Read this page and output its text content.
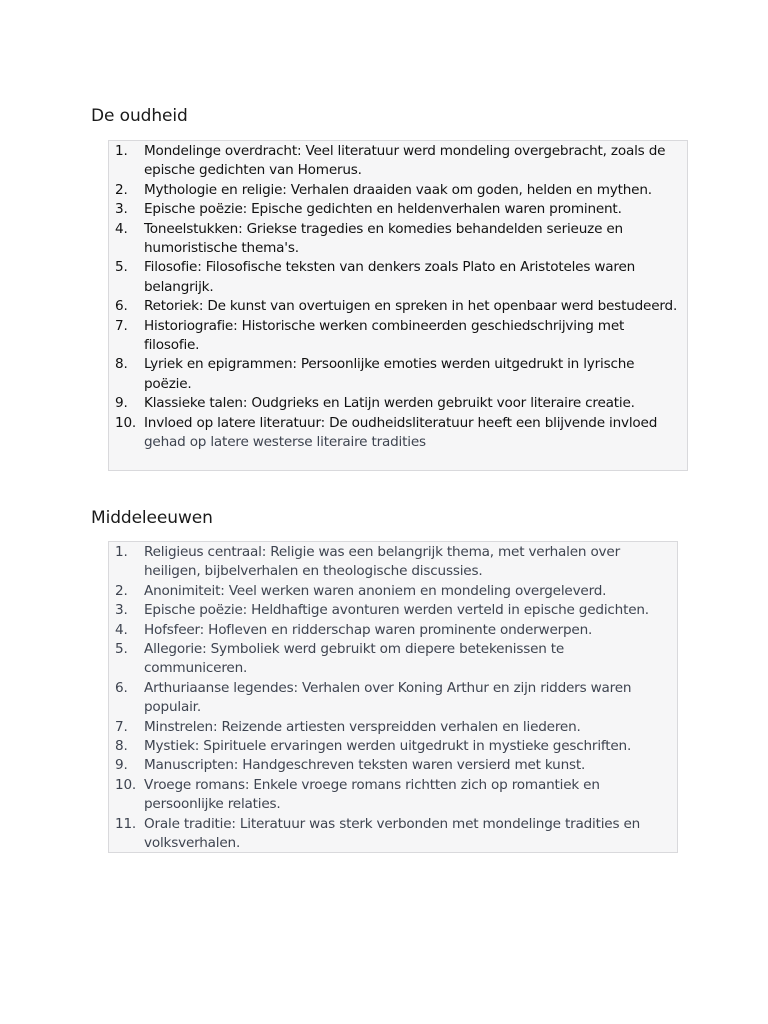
De oudheid
1.	Mondelinge overdracht: Veel literatuur werd mondeling overgebracht, zoals de epische gedichten van Homerus.
2.	Mythologie en religie: Verhalen draaiden vaak om goden, helden en mythen.
3.	Epische poëzie: Epische gedichten en heldenverhalen waren prominent.
4.	Toneelstukken: Griekse tragedies en komedies behandelden serieuze en humoristische thema's.
5.	Filosofie: Filosofische teksten van denkers zoals Plato en Aristoteles waren belangrijk.
6.	Retoriek: De kunst van overtuigen en spreken in het openbaar werd bestudeerd.
7.	Historiografie: Historische werken combineerden geschiedschrijving met filosofie.
8.	Lyriek en epigrammen: Persoonlijke emoties werden uitgedrukt in lyrische poëzie.
9.	Klassieke talen: Oudgrieks en Latijn werden gebruikt voor literaire creatie.
10. Invloed op latere literatuur: De oudheidsliteratuur heeft een blijvende invloed gehad op latere westerse literaire tradities
Middeleeuwen
1.	Religieus centraal: Religie was een belangrijk thema, met verhalen over heiligen, bijbelverhalen en theologische discussies.
2.	Anonimiteit: Veel werken waren anoniem en mondeling overgeleverd.
3.	Epische poëzie: Heldhaftige avonturen werden verteld in epische gedichten.
4.	Hofsfeer: Hofleven en ridderschap waren prominente onderwerpen.
5.	Allegorie: Symboliek werd gebruikt om diepere betekenissen te communiceren.
6.	Arthuriaanse legendes: Verhalen over Koning Arthur en zijn ridders waren populair.
7.	Minstrelen: Reizende artiesten verspreidden verhalen en liederen.
8.	Mystiek: Spirituele ervaringen werden uitgedrukt in mystieke geschriften.
9.	Manuscripten: Handgeschreven teksten waren versierd met kunst.
10. Vroege romans: Enkele vroege romans richtten zich op romantiek en persoonlijke relaties.
11. Orale traditie: Literatuur was sterk verbonden met mondelinge tradities en volksverhalen.
